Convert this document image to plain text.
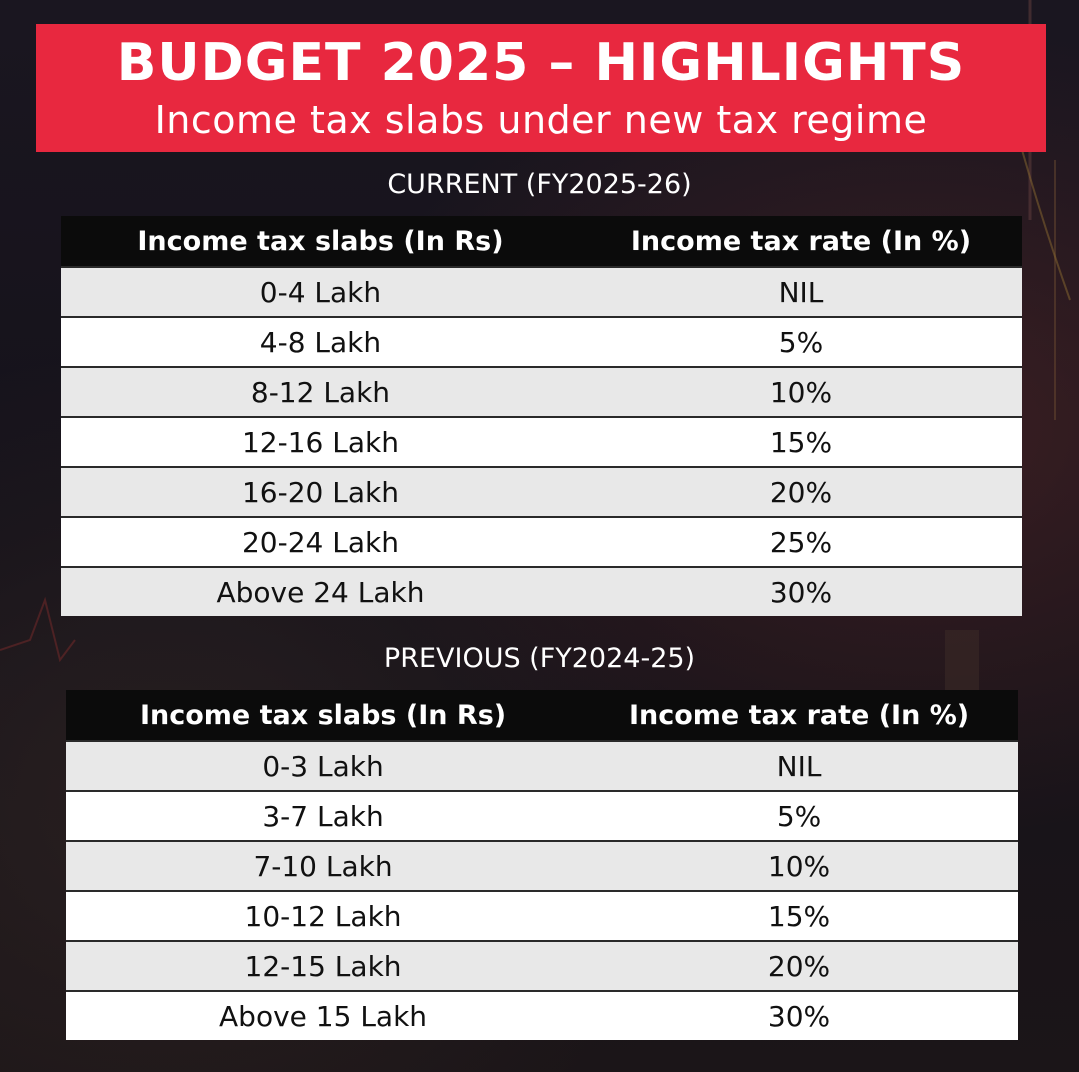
BUDGET 2025 – HIGHLIGHTS
Income tax slabs under new tax regime
CURRENT (FY2025-26)
Income tax slabs (In Rs)	Income tax rate (In %)
0-4 Lakh	NIL
4-8 Lakh	5%
8-12 Lakh	10%
12-16 Lakh	15%
16-20 Lakh	20%
20-24 Lakh	25%
Above 24 Lakh	30%
PREVIOUS (FY2024-25)
Income tax slabs (In Rs)	Income tax rate (In %)
0-3 Lakh	NIL
3-7 Lakh	5%
7-10 Lakh	10%
10-12 Lakh	15%
12-15 Lakh	20%
Above 15 Lakh	30%
